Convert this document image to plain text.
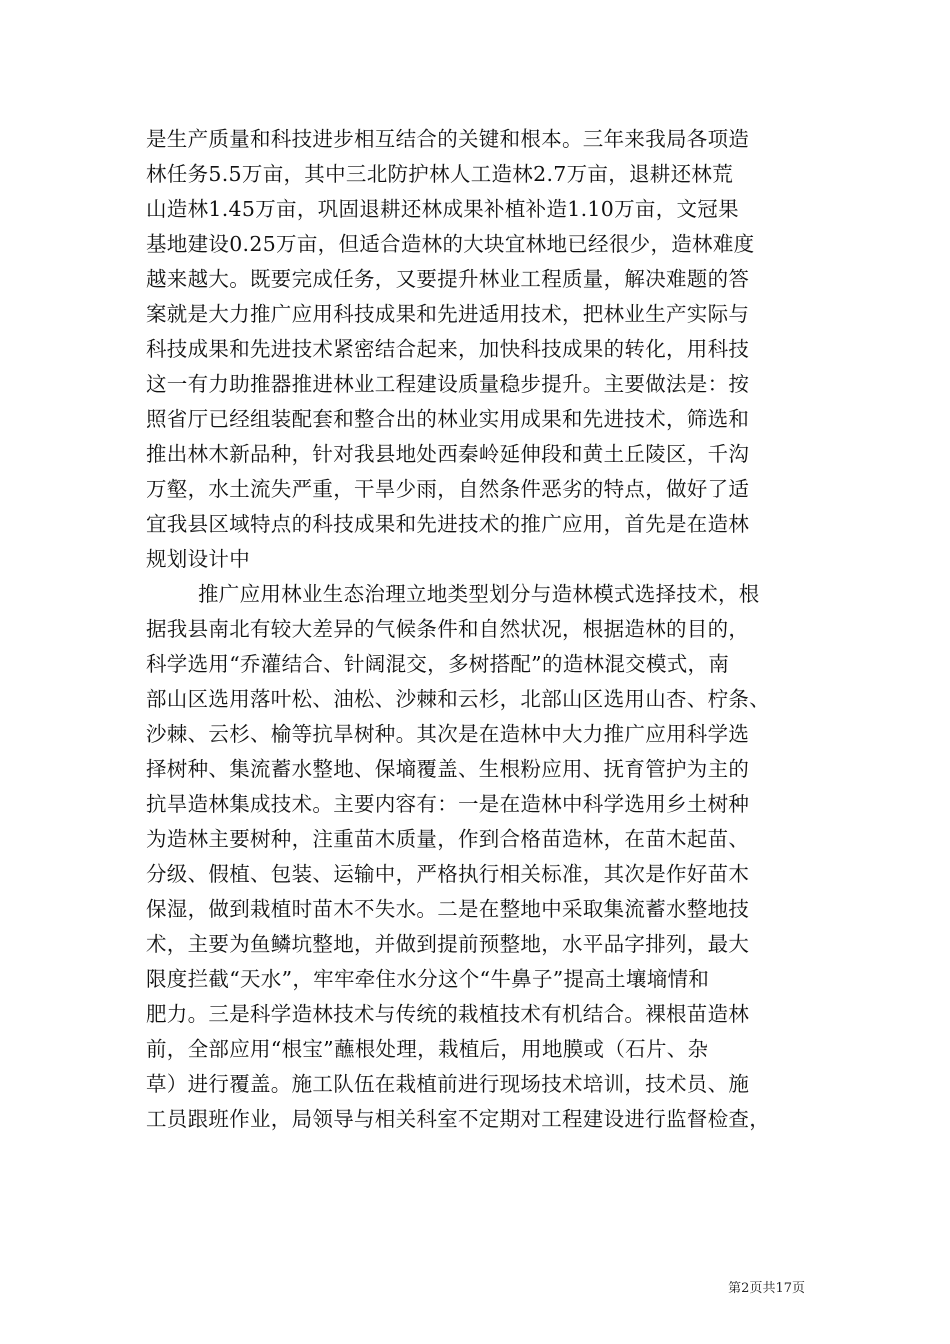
是生产质量和科技进步相互结合的关键和根本。三年来我局各项造
林任务5.5万亩，其中三北防护林人工造林2.7万亩，退耕还林荒
山造林1.45万亩，巩固退耕还林成果补植补造1.10万亩，文冠果
基地建设0.25万亩，但适合造林的大块宜林地已经很少，造林难度
越来越大。既要完成任务，又要提升林业工程质量，解决难题的答
案就是大力推广应用科技成果和先进适用技术，把林业生产实际与
科技成果和先进技术紧密结合起来，加快科技成果的转化，用科技
这一有力助推器推进林业工程建设质量稳步提升。主要做法是：按
照省厅已经组装配套和整合出的林业实用成果和先进技术，筛选和
推出林木新品种，针对我县地处西秦岭延伸段和黄土丘陵区，千沟
万壑，水土流失严重，干旱少雨，自然条件恶劣的特点，做好了适
宜我县区域特点的科技成果和先进技术的推广应用，首先是在造林
规划设计中

推广应用林业生态治理立地类型划分与造林模式选择技术，根
据我县南北有较大差异的气候条件和自然状况，根据造林的目的，
科学选用“乔灌结合、针阔混交，多树搭配”的造林混交模式，南
部山区选用落叶松、油松、沙棘和云杉，北部山区选用山杏、柠条、
沙棘、云杉、榆等抗旱树种。其次是在造林中大力推广应用科学选
择树种、集流蓄水整地、保墒覆盖、生根粉应用、抚育管护为主的
抗旱造林集成技术。主要内容有：一是在造林中科学选用乡土树种
为造林主要树种，注重苗木质量，作到合格苗造林，在苗木起苗、
分级、假植、包装、运输中，严格执行相关标准，其次是作好苗木
保湿，做到栽植时苗木不失水。二是在整地中采取集流蓄水整地技
术，主要为鱼鳞坑整地，并做到提前预整地，水平品字排列，最大
限度拦截“天水”，牢牢牵住水分这个“牛鼻子”提高土壤墒情和
肥力。三是科学造林技术与传统的栽植技术有机结合。裸根苗造林
前，全部应用“根宝”蘸根处理，栽植后，用地膜或（石片、杂
草）进行覆盖。施工队伍在栽植前进行现场技术培训，技术员、施
工员跟班作业，局领导与相关科室不定期对工程建设进行监督检查，

第2页共17页
